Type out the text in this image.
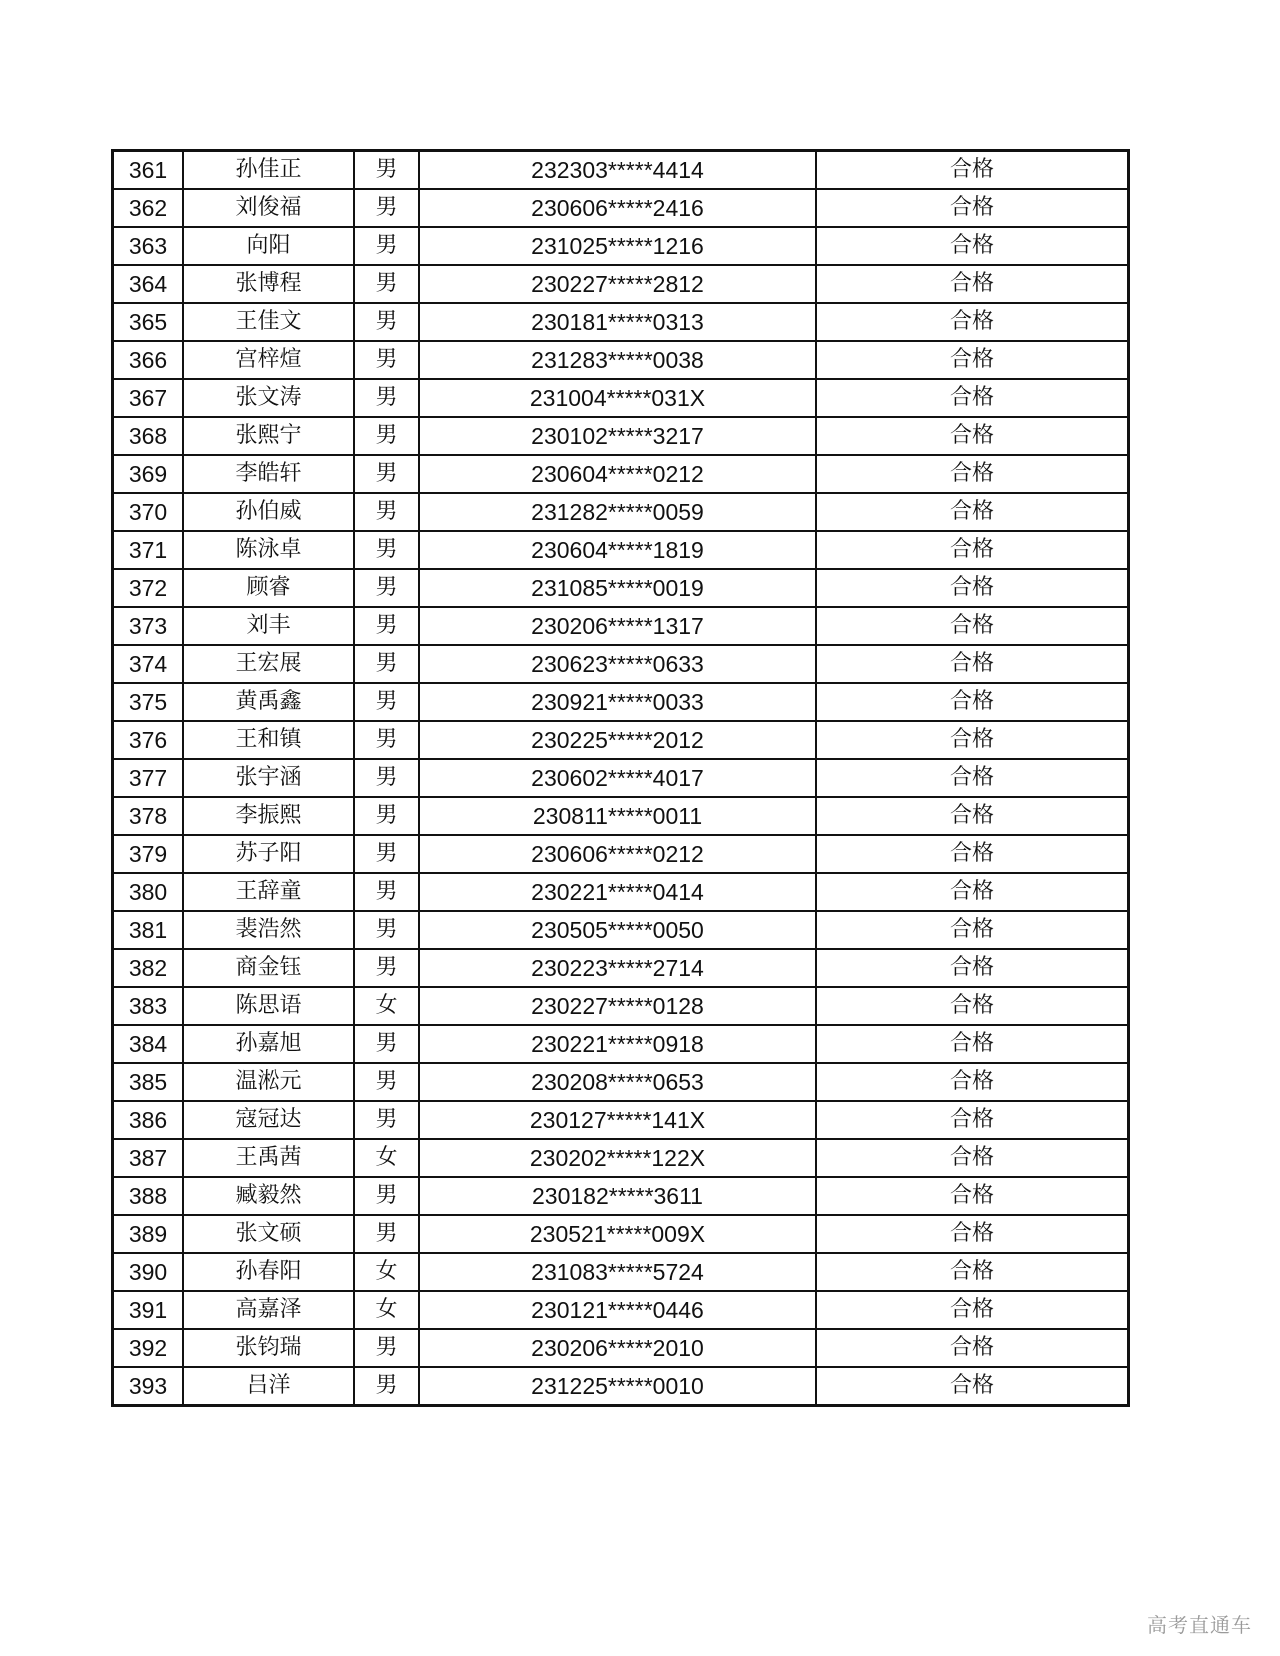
361	孙佳正	男	232303*****4414	合格
362	刘俊福	男	230606*****2416	合格
363	向阳	男	231025*****1216	合格
364	张博程	男	230227*****2812	合格
365	王佳文	男	230181*****0313	合格
366	宫梓煊	男	231283*****0038	合格
367	张文涛	男	231004*****031X	合格
368	张熙宁	男	230102*****3217	合格
369	李皓轩	男	230604*****0212	合格
370	孙伯威	男	231282*****0059	合格
371	陈泳卓	男	230604*****1819	合格
372	顾睿	男	231085*****0019	合格
373	刘丰	男	230206*****1317	合格
374	王宏展	男	230623*****0633	合格
375	黄禹鑫	男	230921*****0033	合格
376	王和镇	男	230225*****2012	合格
377	张宇涵	男	230602*****4017	合格
378	李振熙	男	230811*****0011	合格
379	苏子阳	男	230606*****0212	合格
380	王辞童	男	230221*****0414	合格
381	裴浩然	男	230505*****0050	合格
382	商金钰	男	230223*****2714	合格
383	陈思语	女	230227*****0128	合格
384	孙嘉旭	男	230221*****0918	合格
385	温淞元	男	230208*****0653	合格
386	寇冠达	男	230127*****141X	合格
387	王禹茜	女	230202*****122X	合格
388	臧毅然	男	230182*****3611	合格
389	张文硕	男	230521*****009X	合格
390	孙春阳	女	231083*****5724	合格
391	高嘉泽	女	230121*****0446	合格
392	张钧瑞	男	230206*****2010	合格
393	吕洋	男	231225*****0010	合格
高考直通车
